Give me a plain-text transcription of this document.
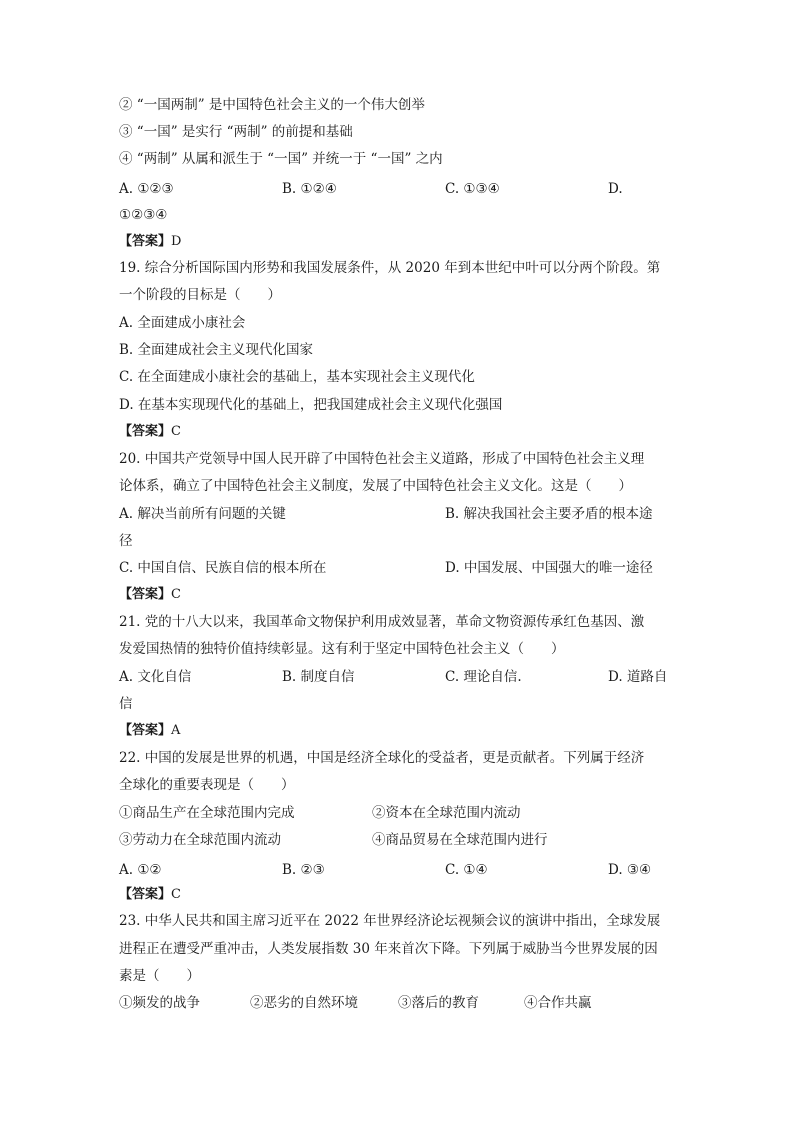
② “一国两制” 是中国特色社会主义的一个伟大创举
③ “一国” 是实行 “两制” 的前提和基础
④ “两制” 从属和派生于 “一国” 并统一于 “一国” 之内
A. ①②③	B. ①②④	C. ①③④	D.
①②③④
【答案】D
19. 综合分析国际国内形势和我国发展条件，从 2020 年到本世纪中叶可以分两个阶段。第
一个阶段的目标是（　　）
A. 全面建成小康社会
B. 全面建成社会主义现代化国家
C. 在全面建成小康社会的基础上，基本实现社会主义现代化
D. 在基本实现现代化的基础上，把我国建成社会主义现代化强国
【答案】C
20. 中国共产党领导中国人民开辟了中国特色社会主义道路，形成了中国特色社会主义理
论体系，确立了中国特色社会主义制度，发展了中国特色社会主义文化。这是（　　）
A. 解决当前所有问题的关键	B. 解决我国社会主要矛盾的根本途
径
C. 中国自信、民族自信的根本所在	D. 中国发展、中国强大的唯一途径
【答案】C
21. 党的十八大以来，我国革命文物保护利用成效显著，革命文物资源传承红色基因、激
发爱国热情的独特价值持续彰显。这有利于坚定中国特色社会主义（　　）
A. 文化自信	B. 制度自信	C. 理论自信.	D. 道路自
信
【答案】A
22. 中国的发展是世界的机遇，中国是经济全球化的受益者，更是贡献者。下列属于经济
全球化的重要表现是（　　）
①商品生产在全球范围内完成	②资本在全球范围内流动
③劳动力在全球范围内流动	④商品贸易在全球范围内进行
A. ①②	B. ②③	C. ①④	D. ③④
【答案】C
23. 中华人民共和国主席习近平在 2022 年世界经济论坛视频会议的演讲中指出，全球发展
进程正在遭受严重冲击，人类发展指数 30 年来首次下降。下列属于威胁当今世界发展的因
素是（　　）
①频发的战争	②恶劣的自然环境	③落后的教育	④合作共赢
